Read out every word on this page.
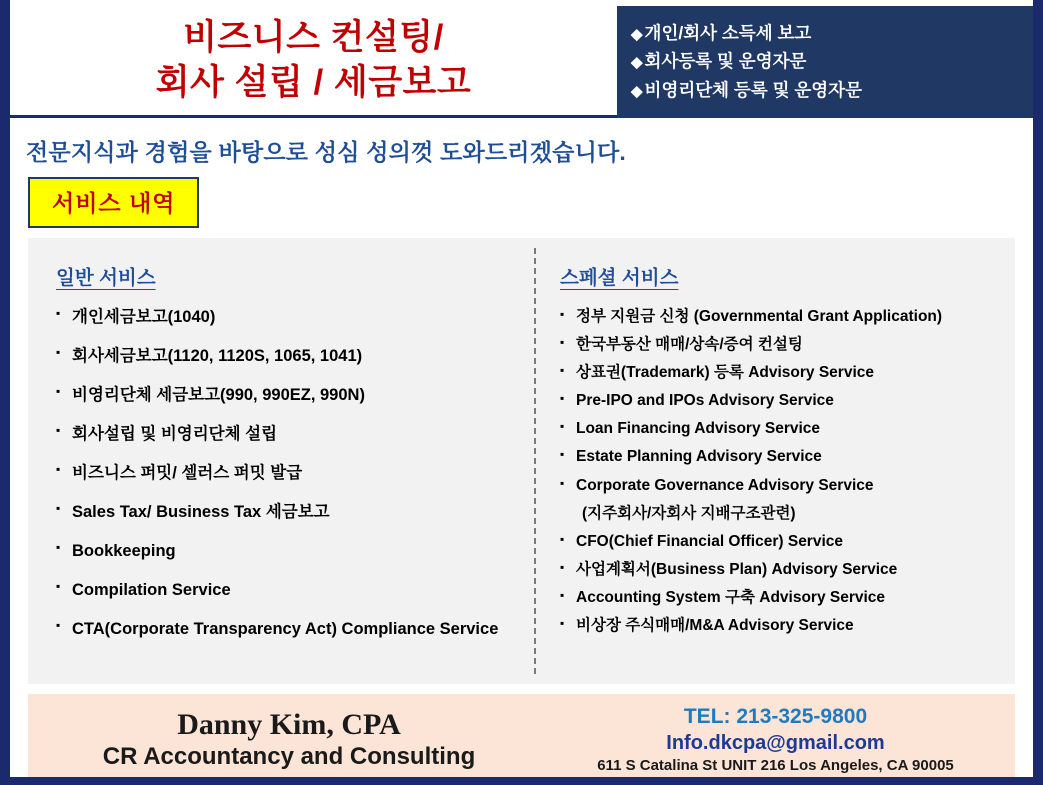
비즈니스 컨설팅/
회사 설립 / 세금보고
◆ 개인/회사 소득세 보고
◆ 회사등록 및 운영자문
◆ 비영리단체 등록 및 운영자문
전문지식과 경험을 바탕으로 성심 성의껏 도와드리겠습니다.
서비스 내역
일반 서비스
▪ 개인세금보고(1040)
▪ 회사세금보고(1120, 1120S, 1065, 1041)
▪ 비영리단체 세금보고(990, 990EZ, 990N)
▪ 회사설립 및 비영리단체 설립
▪ 비즈니스 퍼밋/ 셀러스 퍼밋 발급
▪ Sales Tax/ Business Tax 세금보고
▪ Bookkeeping
▪ Compilation Service
▪ CTA(Corporate Transparency Act) Compliance Service
스페셜 서비스
▪ 정부 지원금 신청 (Governmental Grant Application)
▪ 한국부동산 매매/상속/증여 컨설팅
▪ 상표권(Trademark) 등록 Advisory Service
▪ Pre-IPO and IPOs Advisory Service
▪ Loan Financing Advisory Service
▪ Estate Planning Advisory Service
▪ Corporate Governance Advisory Service
(지주회사/자회사 지배구조관련)
▪ CFO(Chief Financial Officer) Service
▪ 사업계획서(Business Plan) Advisory Service
▪ Accounting System 구축 Advisory Service
▪ 비상장 주식매매/M&A Advisory Service
Danny Kim, CPA
CR Accountancy and Consulting
TEL: 213-325-9800
Info.dkcpa@gmail.com
611 S Catalina St UNIT 216 Los Angeles, CA 90005
